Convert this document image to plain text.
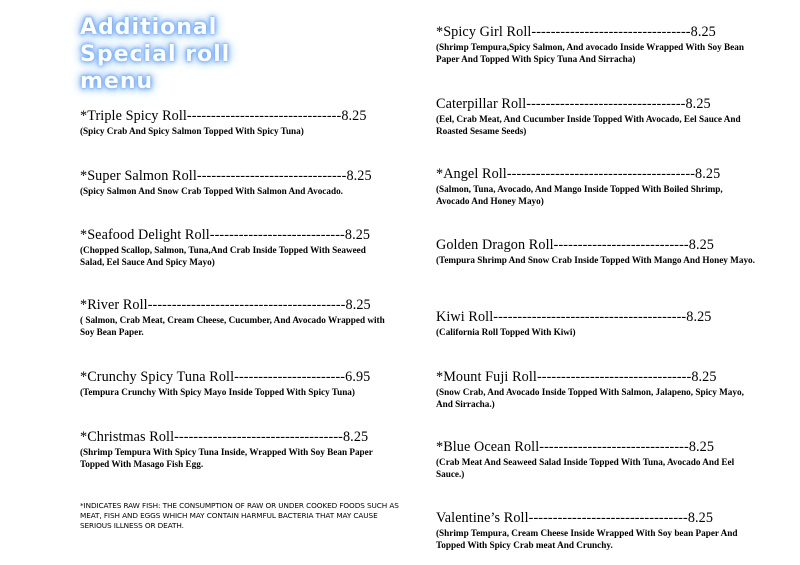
Additional
Special roll
menu
*Triple Spicy Roll--------------------------------8.25
(Spicy Crab And Spicy Salmon Topped With Spicy Tuna)
*Super Salmon Roll-------------------------------8.25
(Spicy Salmon And Snow Crab Topped With Salmon And Avocado.
*Seafood Delight Roll----------------------------8.25
(Chopped Scallop, Salmon, Tuna,And Crab Inside Topped With Seaweed Salad, Eel Sauce And Spicy Mayo)
*River Roll-----------------------------------------8.25
( Salmon, Crab Meat, Cream Cheese, Cucumber, And Avocado Wrapped with Soy Bean Paper.
*Crunchy Spicy Tuna Roll-----------------------6.95
(Tempura Crunchy With Spicy Mayo Inside Topped With Spicy Tuna)
*Christmas Roll-----------------------------------8.25
(Shrimp Tempura With Spicy Tuna Inside, Wrapped With Soy Bean Paper Topped With Masago Fish Egg.
*INDICATES RAW FISH: THE CONSUMPTION OF RAW OR UNDER COOKED FOODS SUCH AS MEAT, FISH AND EGGS WHICH MAY CONTAIN HARMFUL BACTERIA THAT MAY CAUSE SERIOUS ILLNESS OR DEATH.
*Spicy Girl Roll---------------------------------8.25
(Shrimp Tempura,Spicy Salmon, And avocado Inside Wrapped With Soy Bean Paper And Topped With Spicy Tuna And Sirracha)
Caterpillar Roll---------------------------------8.25
(Eel, Crab Meat, And Cucumber Inside Topped With Avocado, Eel Sauce And Roasted Sesame Seeds)
*Angel Roll---------------------------------------8.25
(Salmon, Tuna, Avocado, And Mango Inside Topped With Boiled Shrimp, Avocado And Honey Mayo)
Golden Dragon Roll----------------------------8.25
(Tempura Shrimp And Snow Crab Inside Topped With Mango And Honey Mayo.
Kiwi Roll----------------------------------------8.25
(California Roll Topped With Kiwi)
*Mount Fuji Roll--------------------------------8.25
(Snow Crab, And Avocado Inside Topped With Salmon, Jalapeno, Spicy Mayo, And Sirracha.)
*Blue Ocean Roll-------------------------------8.25
(Crab Meat And Seaweed Salad Inside Topped With Tuna, Avocado And Eel Sauce.)
Valentine’s Roll---------------------------------8.25
(Shrimp Tempura, Cream Cheese Inside Wrapped With Soy bean Paper And Topped With Spicy Crab meat And Crunchy.
